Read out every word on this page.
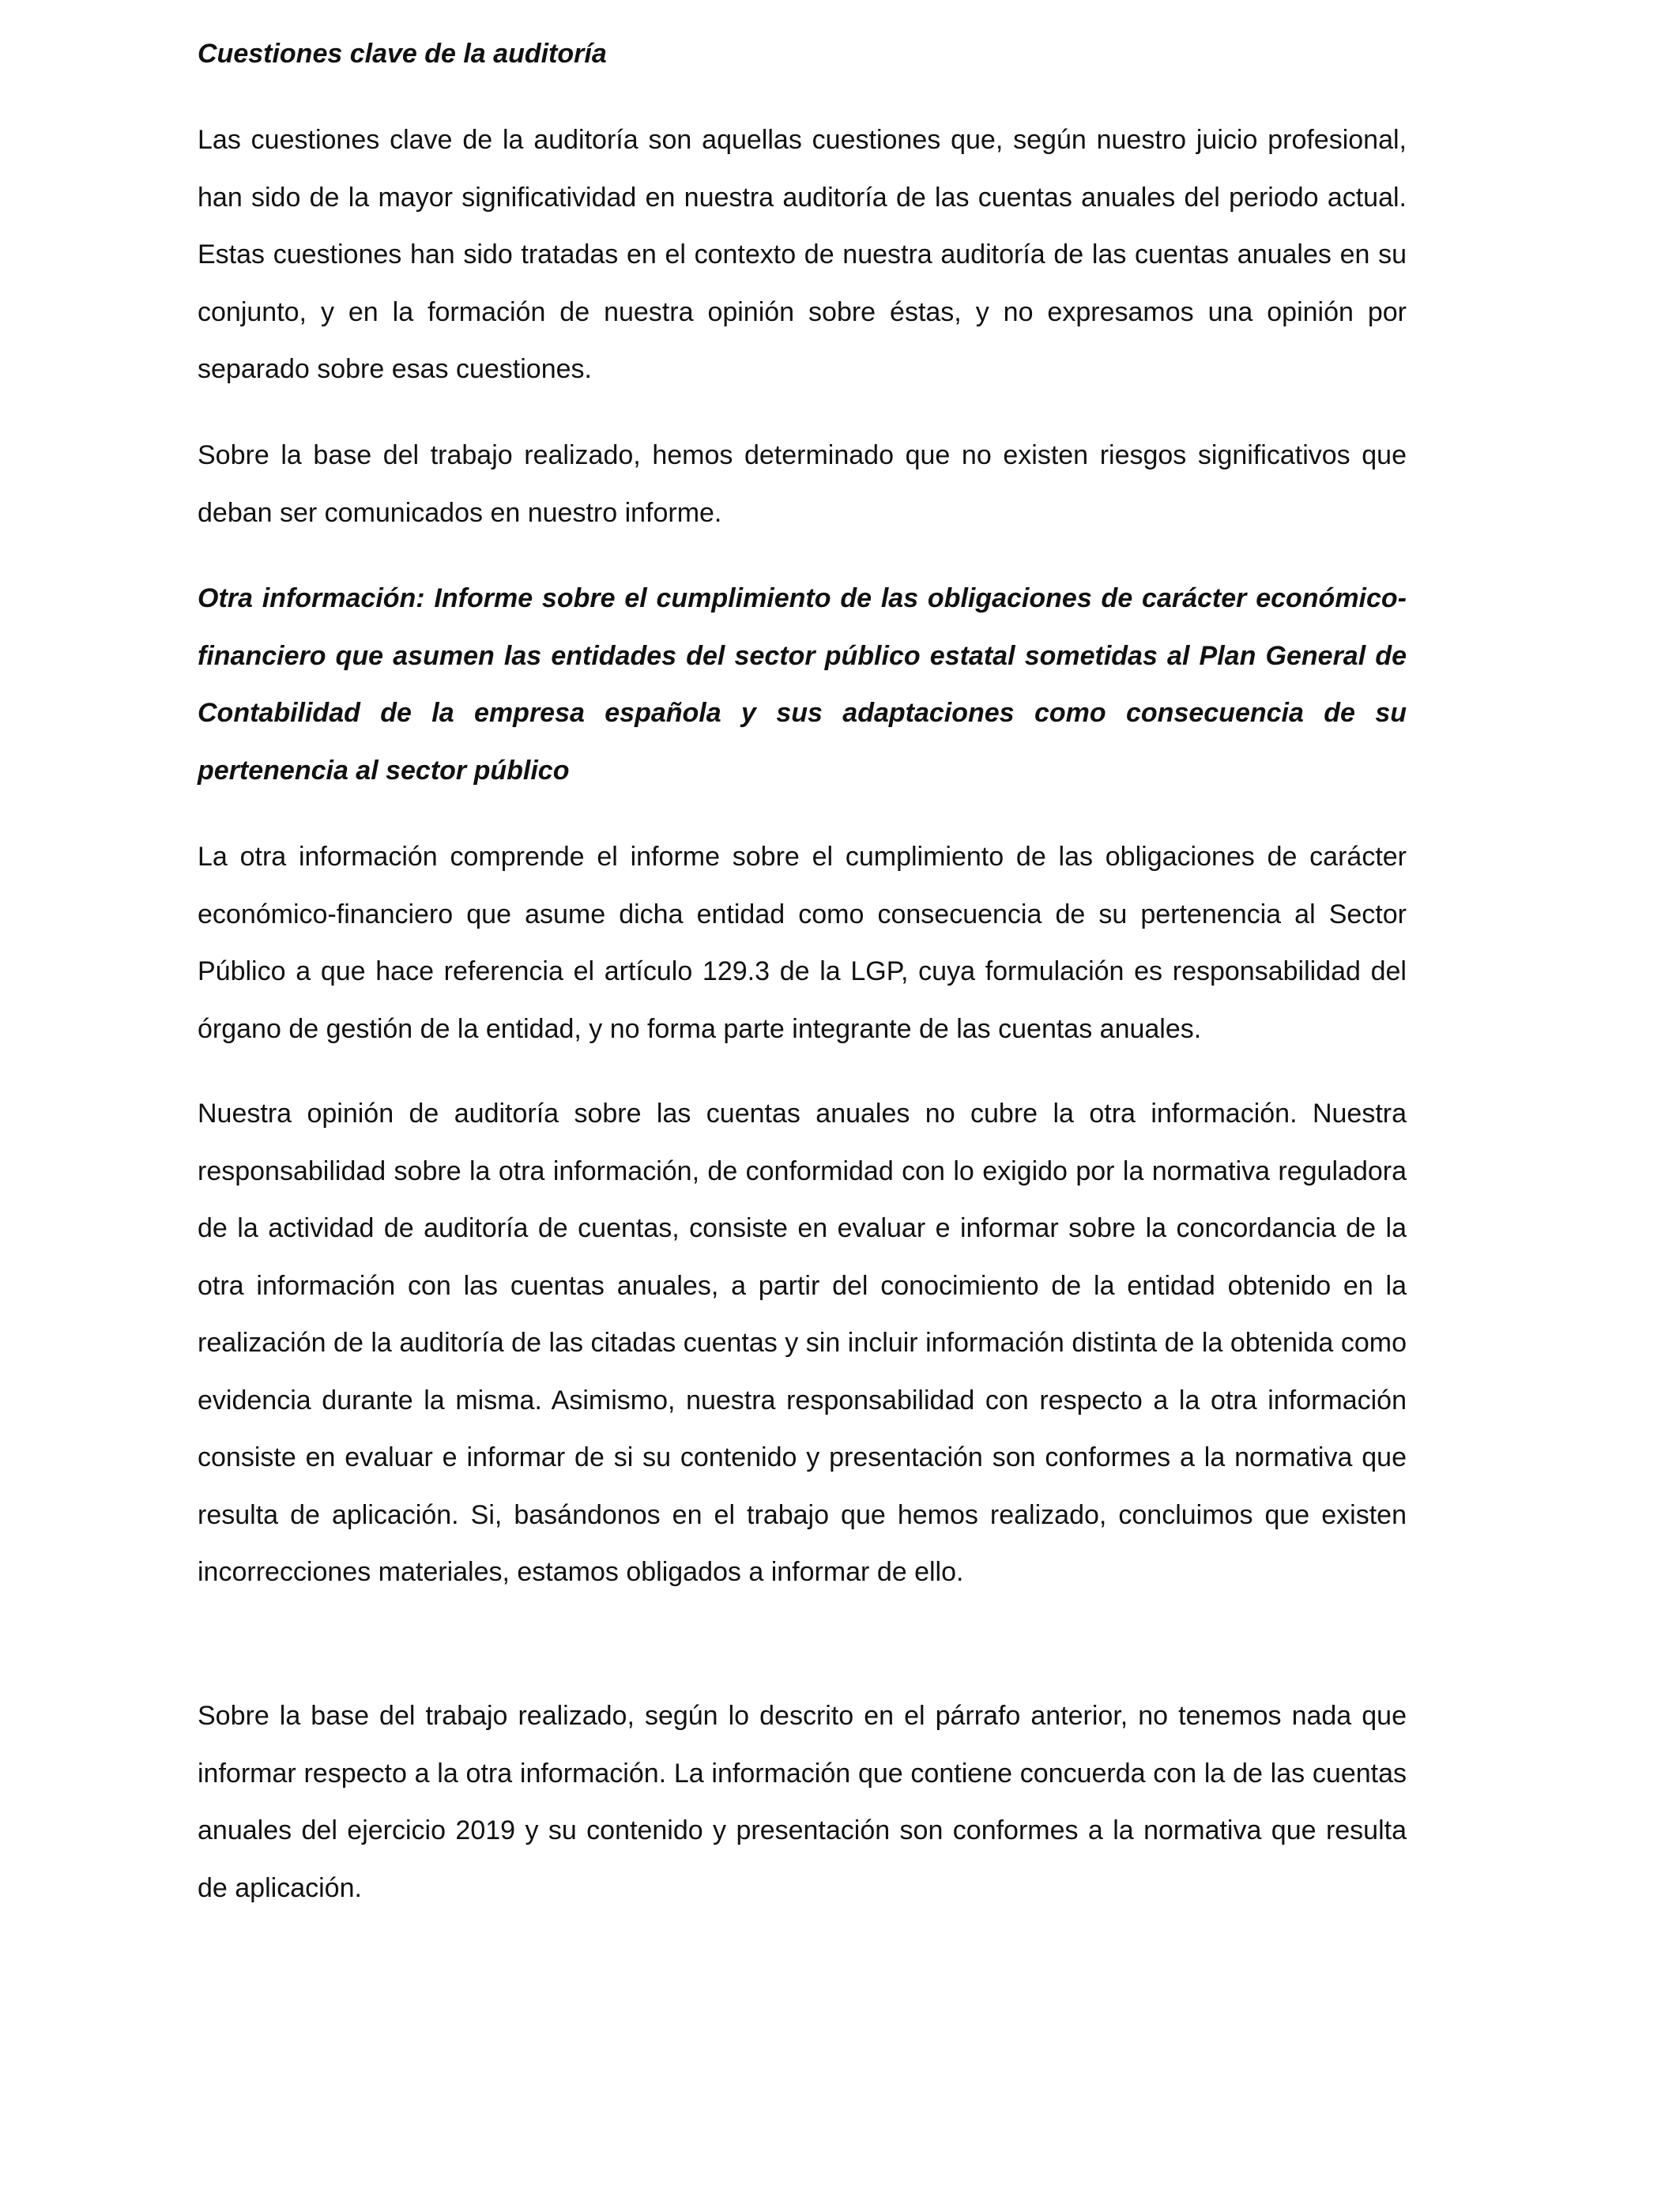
Cuestiones clave de la auditoría

Las cuestiones clave de la auditoría son aquellas cuestiones que, según nuestro juicio profesional, han sido de la mayor significatividad en nuestra auditoría de las cuentas anuales del periodo actual. Estas cuestiones han sido tratadas en el contexto de nuestra auditoría de las cuentas anuales en su conjunto, y en la formación de nuestra opinión sobre éstas, y no expresamos una opinión por separado sobre esas cuestiones.

Sobre la base del trabajo realizado, hemos determinado que no existen riesgos significativos que deban ser comunicados en nuestro informe.

Otra información: Informe sobre el cumplimiento de las obligaciones de carácter económico-financiero que asumen las entidades del sector público estatal sometidas al Plan General de Contabilidad de la empresa española y sus adaptaciones como consecuencia de su pertenencia al sector público

La otra información comprende el informe sobre el cumplimiento de las obligaciones de carácter económico-financiero que asume dicha entidad como consecuencia de su pertenencia al Sector Público a que hace referencia el artículo 129.3 de la LGP, cuya formulación es responsabilidad del órgano de gestión de la entidad, y no forma parte integrante de las cuentas anuales.

Nuestra opinión de auditoría sobre las cuentas anuales no cubre la otra información. Nuestra responsabilidad sobre la otra información, de conformidad con lo exigido por la normativa reguladora de la actividad de auditoría de cuentas, consiste en evaluar e informar sobre la concordancia de la otra información con las cuentas anuales, a partir del conocimiento de la entidad obtenido en la realización de la auditoría de las citadas cuentas y sin incluir información distinta de la obtenida como evidencia durante la misma. Asimismo, nuestra responsabilidad con respecto a la otra información consiste en evaluar e informar de si su contenido y presentación son conformes a la normativa que resulta de aplicación. Si, basándonos en el trabajo que hemos realizado, concluimos que existen incorrecciones materiales, estamos obligados a informar de ello.

Sobre la base del trabajo realizado, según lo descrito en el párrafo anterior, no tenemos nada que informar respecto a la otra información. La información que contiene concuerda con la de las cuentas anuales del ejercicio 2019 y su contenido y presentación son conformes a la normativa que resulta de aplicación.
